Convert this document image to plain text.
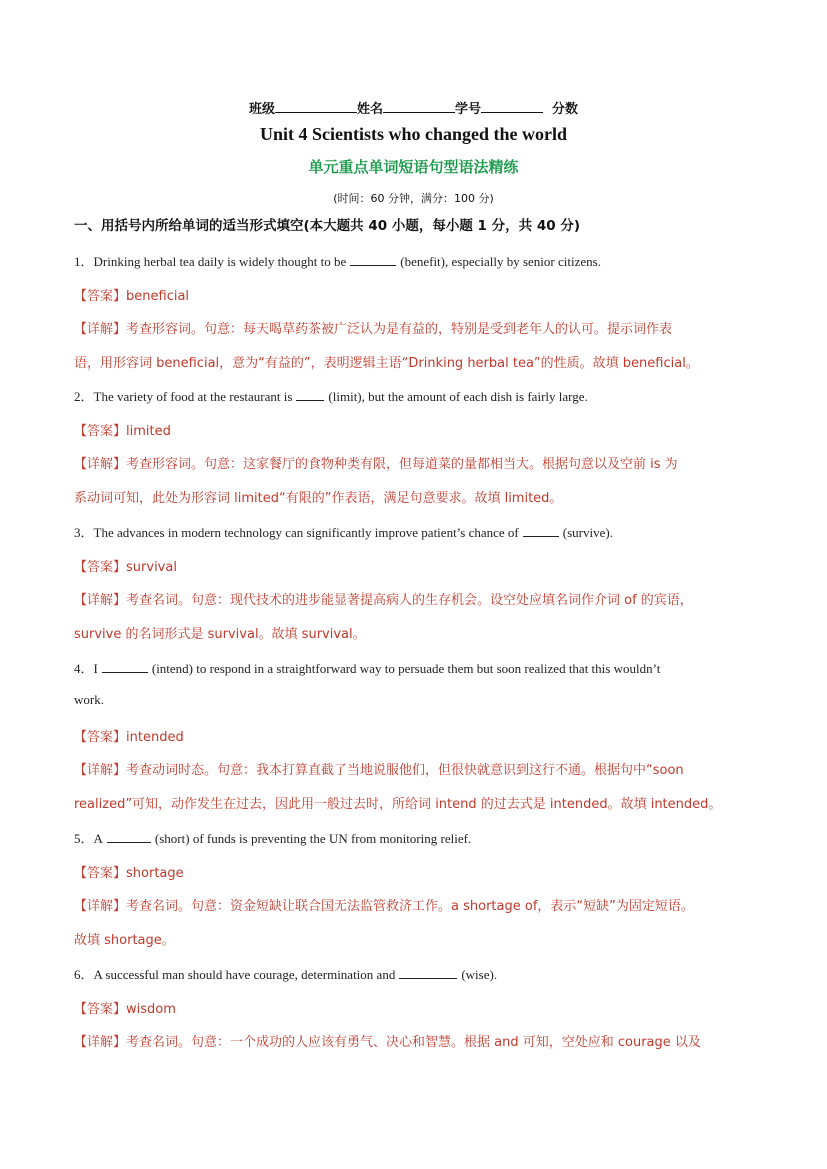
班级	姓名	学号	分数
Unit 4 Scientists who changed the world
单元重点单词短语句型语法精练
(时间：60 分钟，满分：100 分)
一、用括号内所给单词的适当形式填空(本大题共 40 小题，每小题 1 分，共 40 分)
1．Drinking herbal tea daily is widely thought to be	(benefit), especially by senior citizens.
【答案】beneficial
【详解】考查形容词。句意：每天喝草药茶被广泛认为是有益的，特别是受到老年人的认可。提示词作表
语，用形容词 beneficial，意为“有益的”，表明逻辑主语“Drinking herbal tea”的性质。故填 beneficial。
2．The variety of food at the restaurant is	(limit), but the amount of each dish is fairly large.
【答案】limited
【详解】考查形容词。句意：这家餐厅的食物种类有限，但每道菜的量都相当大。根据句意以及空前 is 为
系动词可知，此处为形容词 limited“有限的”作表语，满足句意要求。故填 limited。
3．The advances in modern technology can significantly improve patient’s chance of	(survive).
【答案】survival
【详解】考查名词。句意：现代技术的进步能显著提高病人的生存机会。设空处应填名词作介词 of 的宾语，
survive 的名词形式是 survival。故填 survival。
4．I	(intend) to respond in a straightforward way to persuade them but soon realized that this wouldn’t
work.
【答案】intended
【详解】考查动词时态。句意：我本打算直截了当地说服他们，但很快就意识到这行不通。根据句中“soon
realized”可知，动作发生在过去，因此用一般过去时，所给词 intend 的过去式是 intended。故填 intended。
5．A	(short) of funds is preventing the UN from monitoring relief.
【答案】shortage
【详解】考查名词。句意：资金短缺让联合国无法监管救济工作。a shortage of，表示“短缺”为固定短语。
故填 shortage。
6．A successful man should have courage, determination and	(wise).
【答案】wisdom
【详解】考查名词。句意：一个成功的人应该有勇气、决心和智慧。根据 and 可知，空处应和 courage 以及
